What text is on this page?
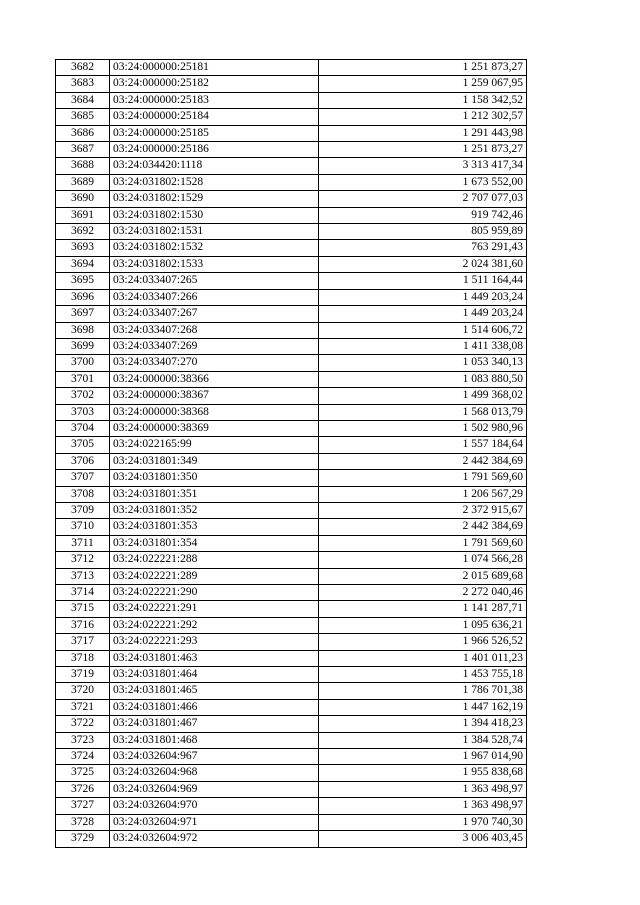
3682	03:24:000000:25181	1 251 873,27
3683	03:24:000000:25182	1 259 067,95
3684	03:24:000000:25183	1 158 342,52
3685	03:24:000000:25184	1 212 302,57
3686	03:24:000000:25185	1 291 443,98
3687	03:24:000000:25186	1 251 873,27
3688	03:24:034420:1118	3 313 417,34
3689	03:24:031802:1528	1 673 552,00
3690	03:24:031802:1529	2 707 077,03
3691	03:24:031802:1530	919 742,46
3692	03:24:031802:1531	805 959,89
3693	03:24:031802:1532	763 291,43
3694	03:24:031802:1533	2 024 381,60
3695	03:24:033407:265	1 511 164,44
3696	03:24:033407:266	1 449 203,24
3697	03:24:033407:267	1 449 203,24
3698	03:24:033407:268	1 514 606,72
3699	03:24:033407:269	1 411 338,08
3700	03:24:033407:270	1 053 340,13
3701	03:24:000000:38366	1 083 880,50
3702	03:24:000000:38367	1 499 368,02
3703	03:24:000000:38368	1 568 013,79
3704	03:24:000000:38369	1 502 980,96
3705	03:24:022165:99	1 557 184,64
3706	03:24:031801:349	2 442 384,69
3707	03:24:031801:350	1 791 569,60
3708	03:24:031801:351	1 206 567,29
3709	03:24:031801:352	2 372 915,67
3710	03:24:031801:353	2 442 384,69
3711	03:24:031801:354	1 791 569,60
3712	03:24:022221:288	1 074 566,28
3713	03:24:022221:289	2 015 689,68
3714	03:24:022221:290	2 272 040,46
3715	03:24:022221:291	1 141 287,71
3716	03:24:022221:292	1 095 636,21
3717	03:24:022221:293	1 966 526,52
3718	03:24:031801:463	1 401 011,23
3719	03:24:031801:464	1 453 755,18
3720	03:24:031801:465	1 786 701,38
3721	03:24:031801:466	1 447 162,19
3722	03:24:031801:467	1 394 418,23
3723	03:24:031801:468	1 384 528,74
3724	03:24:032604:967	1 967 014,90
3725	03:24:032604:968	1 955 838,68
3726	03:24:032604:969	1 363 498,97
3727	03:24:032604:970	1 363 498,97
3728	03:24:032604:971	1 970 740,30
3729	03:24:032604:972	3 006 403,45
